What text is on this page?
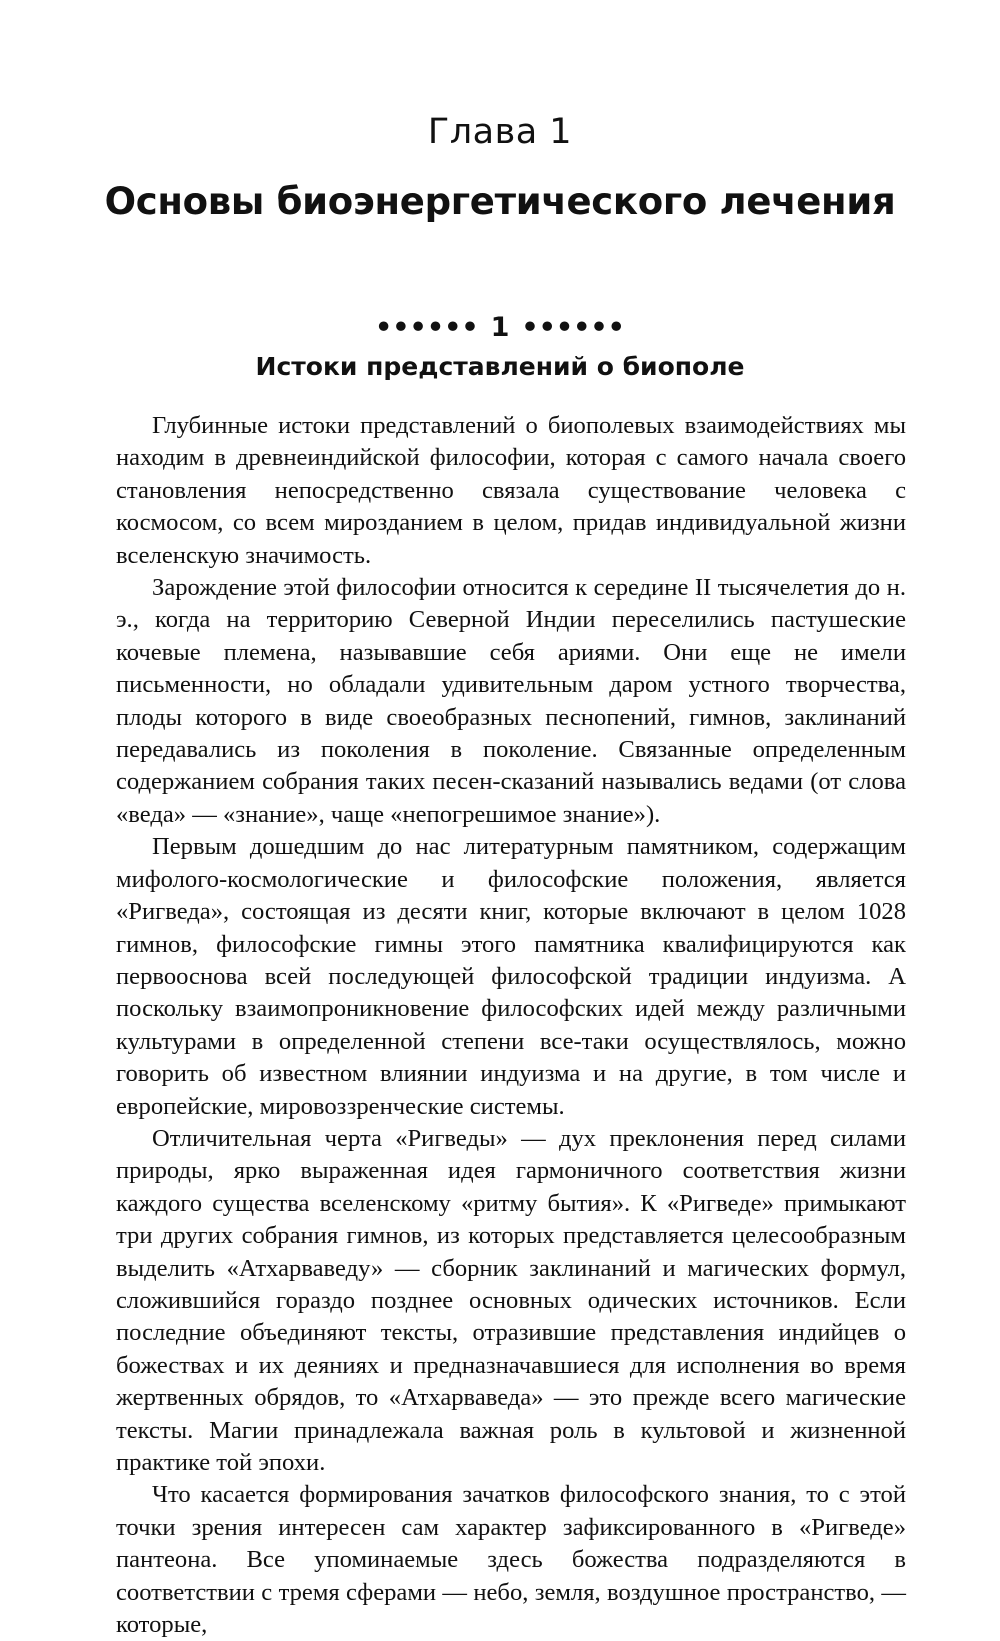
Глава 1
Основы биоэнергетического лечения
•••••• 1 ••••••
Истоки представлений о биополе

Глубинные истоки представлений о биополевых взаимодействиях мы находим в древнеиндийской философии, которая с самого начала своего становления непосредственно связала существование человека с космосом, со всем мирозданием в целом, придав индивидуальной жизни вселенскую значимость.

Зарождение этой философии относится к середине II тысячелетия до н. э., когда на территорию Северной Индии переселились пастушеские кочевые племена, называвшие себя ариями. Они еще не имели письменности, но обладали удивительным даром устного творчества, плоды которого в виде своеобразных песнопений, гимнов, заклинаний передавались из поколения в поколение. Связанные определенным содержанием собрания таких песен-сказаний назывались ведами (от слова «веда» — «знание», чаще «непогрешимое знание»).

Первым дошедшим до нас литературным памятником, содержащим мифолого-космологические и философские положения, является «Ригведа», состоящая из десяти книг, которые включают в целом 1028 гимнов, философские гимны этого памятника квалифицируются как первооснова всей последующей философской традиции индуизма. А поскольку взаимопроникновение философских идей между различными культурами в определенной степени все-таки осуществлялось, можно говорить об известном влиянии индуизма и на другие, в том числе и европейские, мировоззренческие системы.

Отличительная черта «Ригведы» — дух преклонения перед силами природы, ярко выраженная идея гармоничного соответствия жизни каждого существа вселенскому «ритму бытия». К «Ригведе» примыкают три других собрания гимнов, из которых представляется целесообразным выделить «Атхарваведу» — сборник заклинаний и магических формул, сложившийся гораздо позднее основных одических источников. Если последние объединяют тексты, отразившие представления индийцев о божествах и их деяниях и предназначавшиеся для исполнения во время жертвенных обрядов, то «Атхарваведа» — это прежде всего магические тексты. Магии принадлежала важная роль в культовой и жизненной практике той эпохи.

Что касается формирования зачатков философского знания, то с этой точки зрения интересен сам характер зафиксированного в «Ригведе» пантеона. Все упоминаемые здесь божества подразделяются в соответствии с тремя сферами — небо, земля, воздушное пространство, — которые,
